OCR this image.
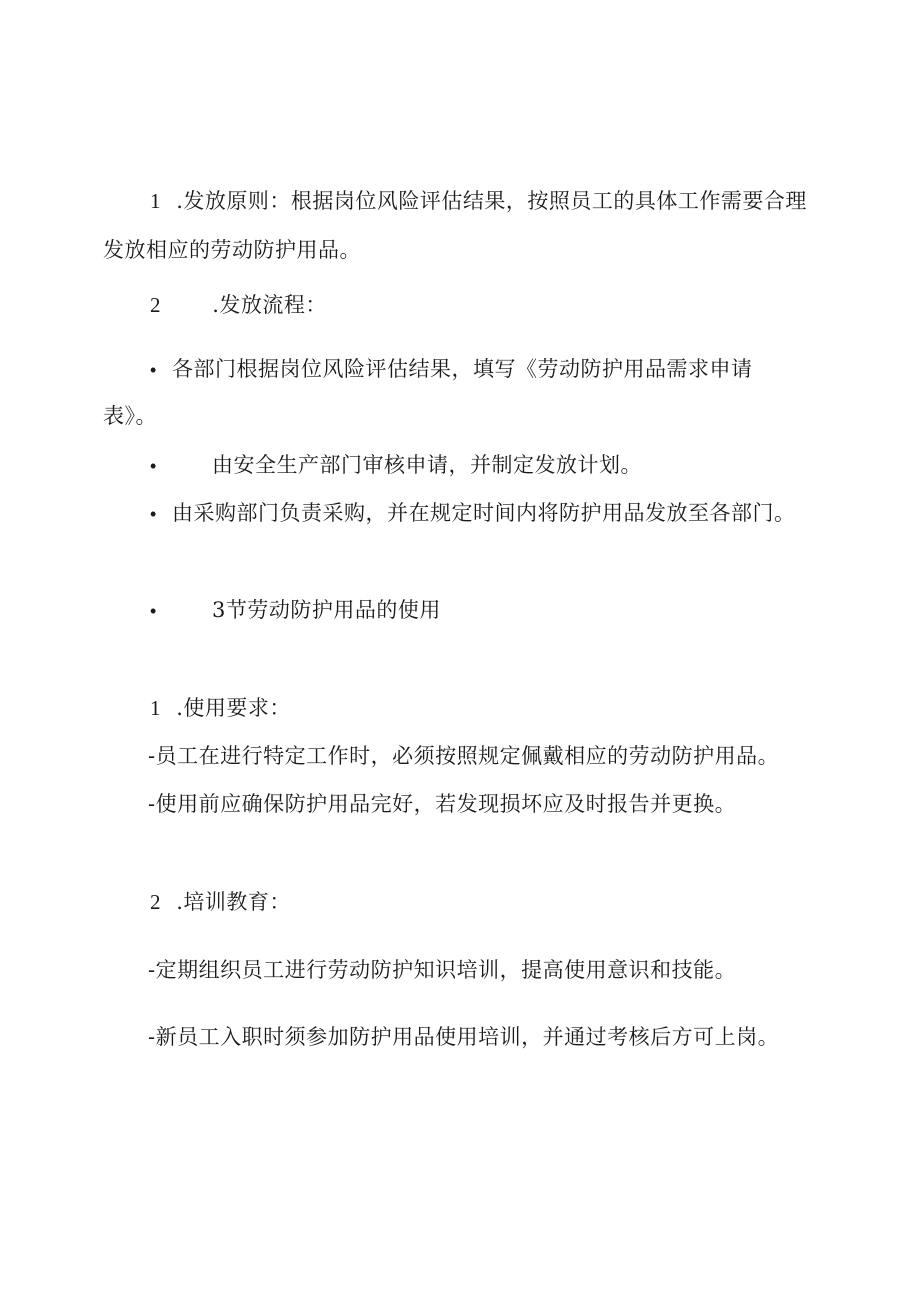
1 .发放原则：根据岗位风险评估结果，按照员工的具体工作需要合理
发放相应的劳动防护用品。
2 .发放流程：
• 各部门根据岗位风险评估结果，填写《劳动防护用品需求申请
表》。
•	由安全生产部门审核申请，并制定发放计划。
• 由采购部门负责采购，并在规定时间内将防护用品发放至各部门。
•	3节劳动防护用品的使用
1 .使用要求：
-员工在进行特定工作时，必须按照规定佩戴相应的劳动防护用品。
-使用前应确保防护用品完好，若发现损坏应及时报告并更换。
2 .培训教育：
-定期组织员工进行劳动防护知识培训，提高使用意识和技能。
-新员工入职时须参加防护用品使用培训，并通过考核后方可上岗。
